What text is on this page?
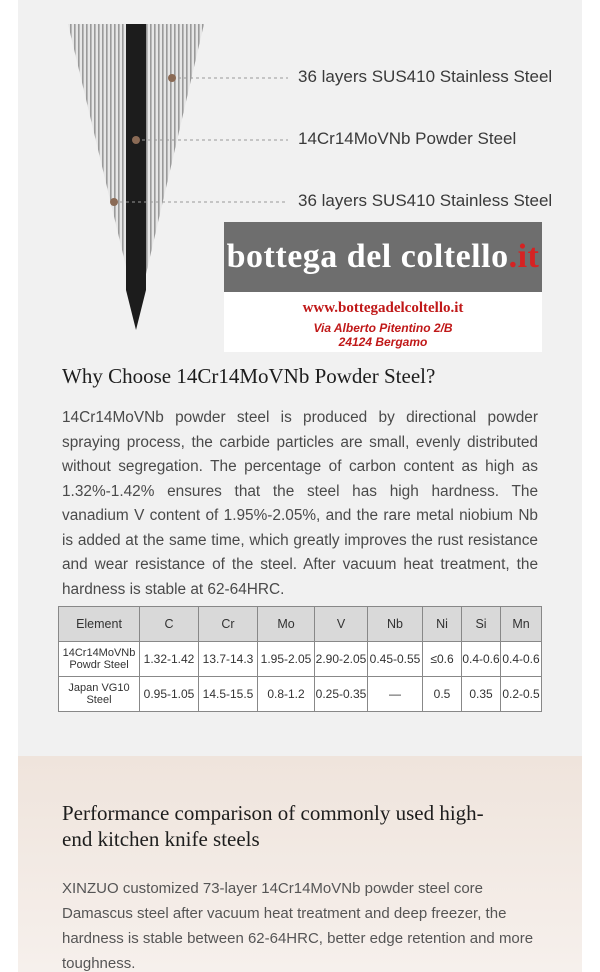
36 layers SUS410 Stainless Steel
14Cr14MoVNb Powder Steel
36 layers SUS410 Stainless Steel
bottega del coltello .it
www.bottegadelcoltello.it
Via Alberto Pitentino 2/B
24124 Bergamo
Why Choose 14Cr14MoVNb Powder Steel?
14Cr14MoVNb powder steel is produced by directional powder spraying process, the carbide particles are small, evenly distributed without segregation. The percentage of carbon content as high as 1.32%-1.42% ensures that the steel has high hardness. The vanadium V content of 1.95%-2.05%, and the rare metal niobium Nb is added at the same time, which greatly improves the rust resistance and wear resistance of the steel. After vacuum heat treatment, the hardness is stable at 62-64HRC.
Element	C	Cr	Mo	V	Nb	Ni	Si	Mn
14Cr14MoVNb Powdr Steel	1.32-1.42	13.7-14.3	1.95-2.05	2.90-2.05	0.45-0.55	≤0.6	0.4-0.6	0.4-0.6
Japan VG10 Steel	0.95-1.05	14.5-15.5	0.8-1.2	0.25-0.35	—	0.5	0.35	0.2-0.5
Performance comparison of commonly used high-end kitchen knife steels
XINZUO customized 73-layer 14Cr14MoVNb powder steel core Damascus steel after vacuum heat treatment and deep freezer, the hardness is stable between 62-64HRC, better edge retention and more toughness.
